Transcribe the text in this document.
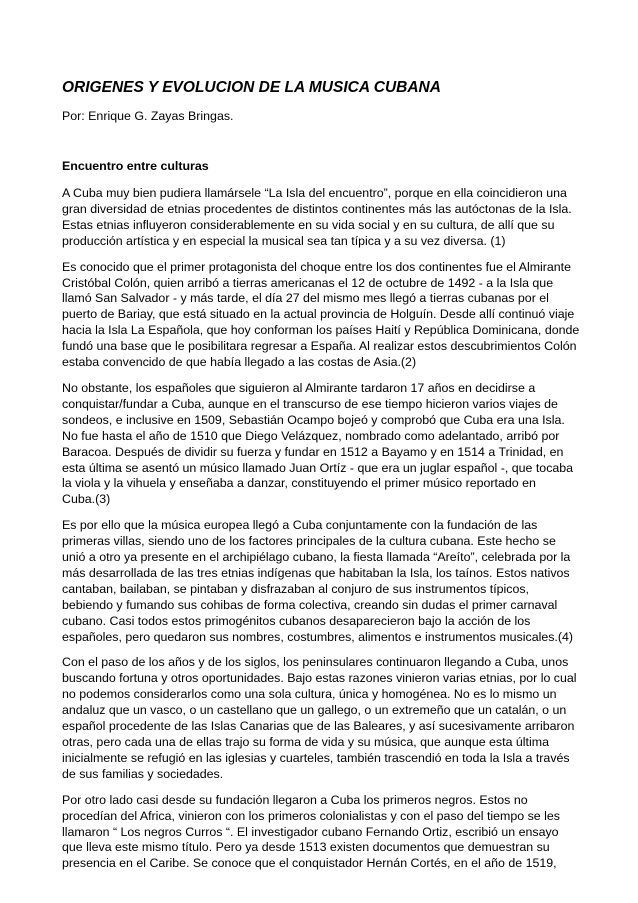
ORIGENES Y EVOLUCION DE LA MUSICA CUBANA

Por: Enrique G. Zayas Bringas.

Encuentro entre culturas

A Cuba muy bien pudiera llamársele “La Isla del encuentro”, porque en ella coincidieron una
gran diversidad de etnias procedentes de distintos continentes más las autóctonas de la Isla.
Estas etnias influyeron considerablemente en su vida social y en su cultura, de allí que su
producción artística y en especial la musical sea tan típica y a su vez diversa. (1)

Es conocido que el primer protagonista del choque entre los dos continentes fue el Almirante
Cristóbal Colón, quien arribó a tierras americanas el 12 de octubre de 1492 - a la Isla que
llamó San Salvador - y más tarde, el día 27 del mismo mes llegó a tierras cubanas por el
puerto de Bariay, que está situado en la actual provincia de Holguín. Desde allí continuó viaje
hacia la Isla La Española, que hoy conforman los países Haití y República Dominicana, donde
fundó una base que le posibilitara regresar a España. Al realizar estos descubrimientos Colón
estaba convencido de que había llegado a las costas de Asia.(2)

No obstante, los españoles que siguieron al Almirante tardaron 17 años en decidirse a
conquistar/fundar a Cuba, aunque en el transcurso de ese tiempo hicieron varios viajes de
sondeos, e inclusive en 1509, Sebastián Ocampo bojeó y comprobó que Cuba era una Isla.
No fue hasta el año de 1510 que Diego Velázquez, nombrado como adelantado, arribó por
Baracoa. Después de dividir su fuerza y fundar en 1512 a Bayamo y en 1514 a Trinidad, en
esta última se asentó un músico llamado Juan Ortíz - que era un juglar español -, que tocaba
la viola y la vihuela y enseñaba a danzar, constituyendo el primer músico reportado en
Cuba.(3)

Es por ello que la música europea llegó a Cuba conjuntamente con la fundación de las
primeras villas, siendo uno de los factores principales de la cultura cubana. Este hecho se
unió a otro ya presente en el archipiélago cubano, la fiesta llamada “Areíto”, celebrada por la
más desarrollada de las tres etnias indígenas que habitaban la Isla, los taínos. Estos nativos
cantaban, bailaban, se pintaban y disfrazaban al conjuro de sus instrumentos típicos,
bebiendo y fumando sus cohibas de forma colectiva, creando sin dudas el primer carnaval
cubano. Casi todos estos primogénitos cubanos desaparecieron bajo la acción de los
españoles, pero quedaron sus nombres, costumbres, alimentos e instrumentos musicales.(4)

Con el paso de los años y de los siglos, los peninsulares continuaron llegando a Cuba, unos
buscando fortuna y otros oportunidades. Bajo estas razones vinieron varias etnias, por lo cual
no podemos considerarlos como una sola cultura, única y homogénea. No es lo mismo un
andaluz que un vasco, o un castellano que un gallego, o un extremeño que un catalán, o un
español procedente de las Islas Canarias que de las Baleares, y así sucesivamente arribaron
otras, pero cada una de ellas trajo su forma de vida y su música, que aunque esta última
inicialmente se refugió en las iglesias y cuarteles, también trascendió en toda la Isla a través
de sus familias y sociedades.

Por otro lado casi desde su fundación llegaron a Cuba los primeros negros. Estos no
procedían del Africa, vinieron con los primeros colonialistas y con el paso del tiempo se les
llamaron “ Los negros Curros “. El investigador cubano Fernando Ortiz, escribió un ensayo
que lleva este mismo título. Pero ya desde 1513 existen documentos que demuestran su
presencia en el Caribe. Se conoce que el conquistador Hernán Cortés, en el año de 1519,
